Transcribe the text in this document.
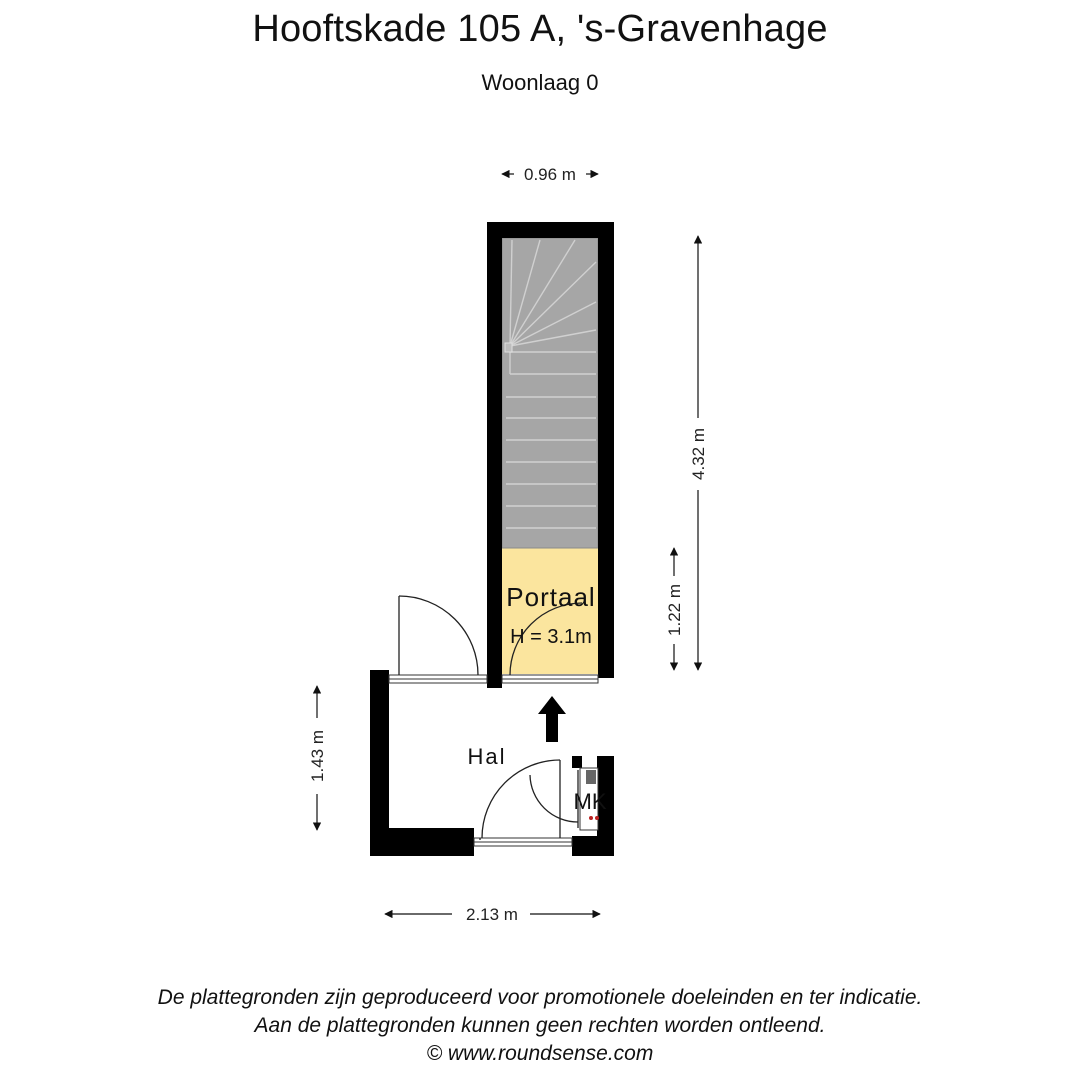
Hooftskade 105 A, 's-Gravenhage
Woonlaag 0
Portaal
H = 3.1m
Hal
MK
0.96 m
4.32 m
1.22 m
1.43 m
2.13 m
De plattegronden zijn geproduceerd voor promotionele doeleinden en ter indicatie.
Aan de plattegronden kunnen geen rechten worden ontleend.
© www.roundsense.com
